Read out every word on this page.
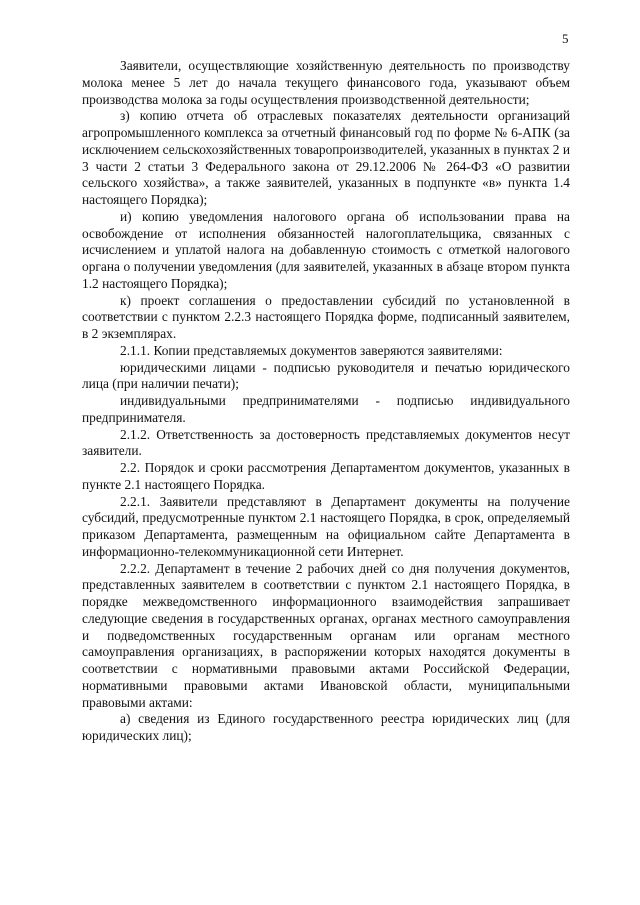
5

Заявители, осуществляющие хозяйственную деятельность по производству молока менее 5 лет до начала текущего финансового года, указывают объем производства молока за годы осуществления производственной деятельности;

з) копию отчета об отраслевых показателях деятельности организаций агропромышленного комплекса за отчетный финансовый год по форме № 6-АПК (за исключением сельскохозяйственных товаропроизводителей, указанных в пунктах 2 и 3 части 2 статьи 3 Федерального закона от 29.12.2006 № 264-ФЗ «О развитии сельского хозяйства», а также заявителей, указанных в подпункте «в» пункта 1.4 настоящего Порядка);

и) копию уведомления налогового органа об использовании права на освобождение от исполнения обязанностей налогоплательщика, связанных с исчислением и уплатой налога на добавленную стоимость с отметкой налогового органа о получении уведомления (для заявителей, указанных в абзаце втором пункта 1.2 настоящего Порядка);

к) проект соглашения о предоставлении субсидий по установленной в соответствии с пунктом 2.2.3 настоящего Порядка форме, подписанный заявителем, в 2 экземплярах.

2.1.1. Копии представляемых документов заверяются заявителями:

юридическими лицами - подписью руководителя и печатью юридического лица (при наличии печати);

индивидуальными предпринимателями - подписью индивидуального предпринимателя.

2.1.2. Ответственность за достоверность представляемых документов несут заявители.

2.2. Порядок и сроки рассмотрения Департаментом документов, указанных в пункте 2.1 настоящего Порядка.

2.2.1. Заявители представляют в Департамент документы на получение субсидий, предусмотренные пунктом 2.1 настоящего Порядка, в срок, определяемый приказом Департамента, размещенным на официальном сайте Департамента в информационно-телекоммуникационной сети Интернет.

2.2.2. Департамент в течение 2 рабочих дней со дня получения документов, представленных заявителем в соответствии с пунктом 2.1 настоящего Порядка, в порядке межведомственного информационного взаимодействия запрашивает следующие сведения в государственных органах, органах местного самоуправления и подведомственных государственным органам или органам местного самоуправления организациях, в распоряжении которых находятся документы в соответствии с нормативными правовыми актами Российской Федерации, нормативными правовыми актами Ивановской области, муниципальными правовыми актами:

а) сведения из Единого государственного реестра юридических лиц (для юридических лиц);
